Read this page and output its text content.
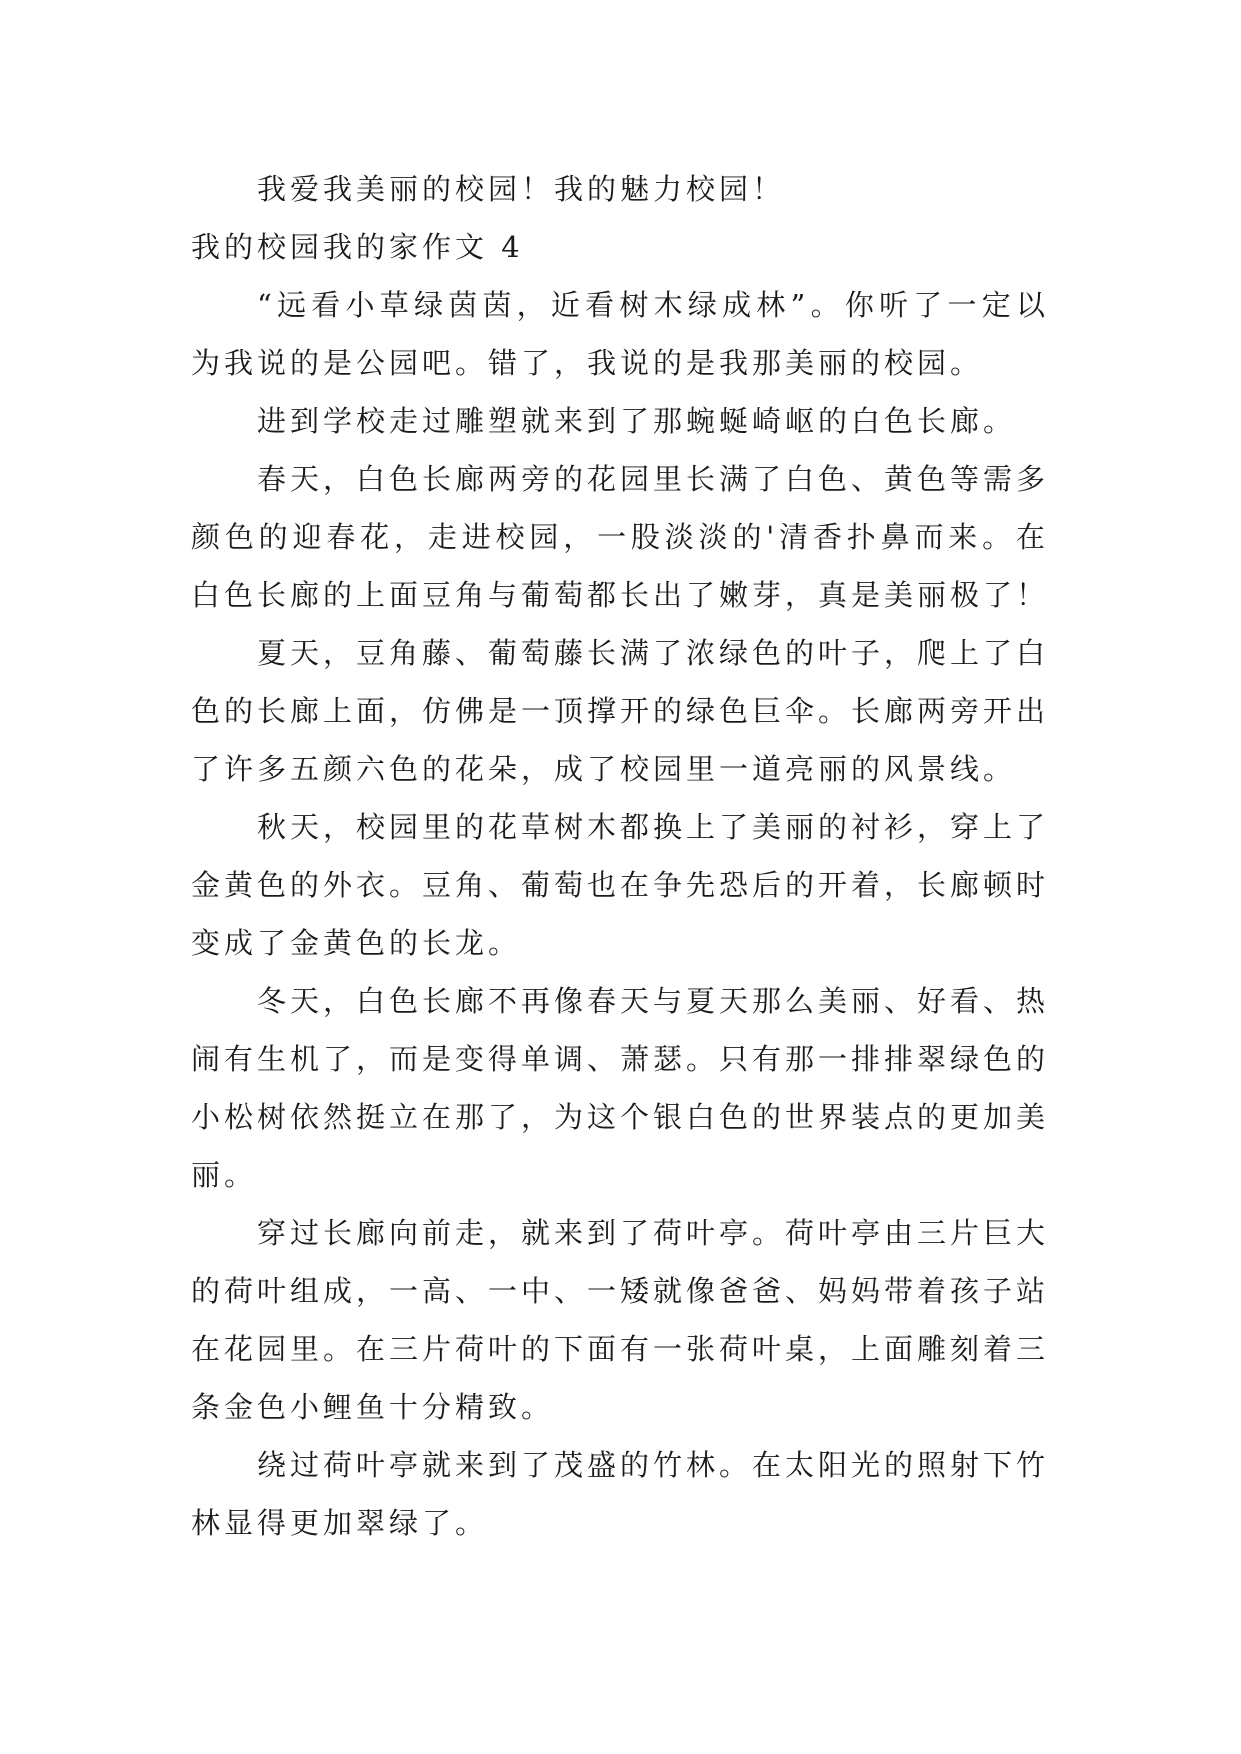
我爱我美丽的校园！我的魅力校园！

我的校园我的家作文 4

“远看小草绿茵茵，近看树木绿成林”。你听了一定以为我说的是公园吧。错了，我说的是我那美丽的校园。

进到学校走过雕塑就来到了那蜿蜒崎岖的白色长廊。

春天，白色长廊两旁的花园里长满了白色、黄色等需多颜色的迎春花，走进校园，一股淡淡的'清香扑鼻而来。在白色长廊的上面豆角与葡萄都长出了嫩芽，真是美丽极了！

夏天，豆角藤、葡萄藤长满了浓绿色的叶子，爬上了白色的长廊上面，仿佛是一顶撑开的绿色巨伞。长廊两旁开出了许多五颜六色的花朵，成了校园里一道亮丽的风景线。

秋天，校园里的花草树木都换上了美丽的衬衫，穿上了金黄色的外衣。豆角、葡萄也在争先恐后的开着，长廊顿时变成了金黄色的长龙。

冬天，白色长廊不再像春天与夏天那么美丽、好看、热闹有生机了，而是变得单调、萧瑟。只有那一排排翠绿色的小松树依然挺立在那了，为这个银白色的世界装点的更加美丽。

穿过长廊向前走，就来到了荷叶亭。荷叶亭由三片巨大的荷叶组成，一高、一中、一矮就像爸爸、妈妈带着孩子站在花园里。在三片荷叶的下面有一张荷叶桌，上面雕刻着三条金色小鲤鱼十分精致。

绕过荷叶亭就来到了茂盛的竹林。在太阳光的照射下竹林显得更加翠绿了。
